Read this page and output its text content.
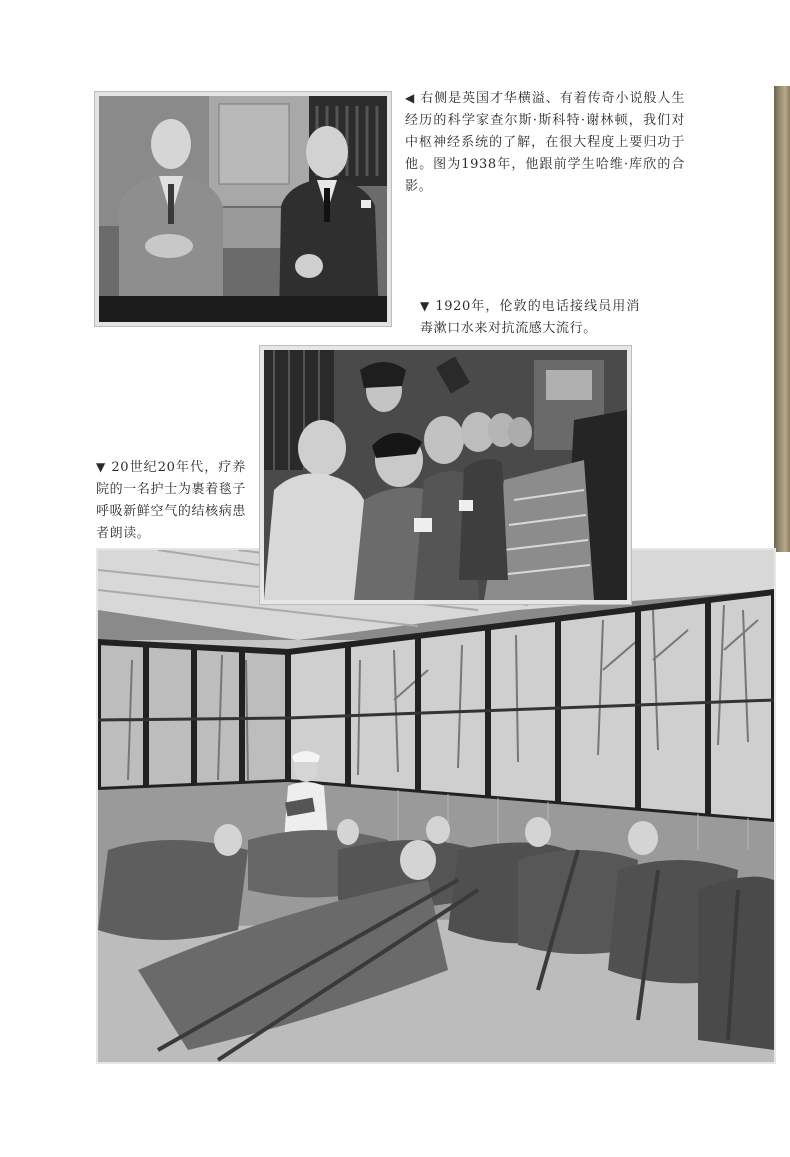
◀ 右侧是英国才华横溢、有着传奇小说般人生经历的科学家查尔斯·斯科特·谢林顿，我们对中枢神经系统的了解，在很大程度上要归功于他。图为1938年，他跟前学生哈维·库欣的合影。

▼ 1920年，伦敦的电话接线员用消毒漱口水来对抗流感大流行。

▼ 20世纪20年代，疗养院的一名护士为裹着毯子呼吸新鲜空气的结核病患者朗读。
